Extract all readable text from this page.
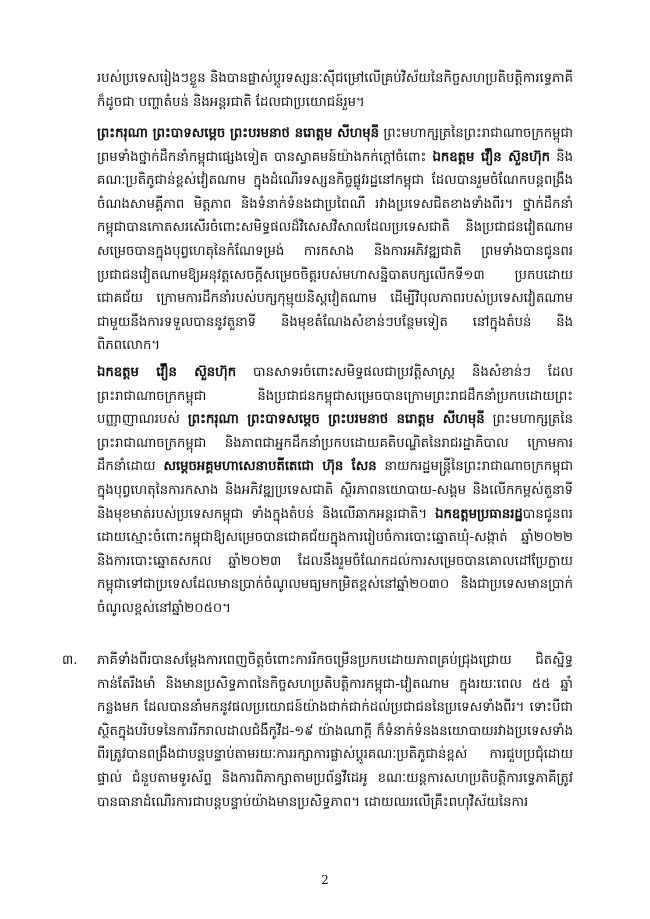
របស់ប្រទេសរៀងៗខ្លួន និងបានផ្លាស់ប្តូរទស្សនៈស៊ីជម្រៅលើគ្រប់វិស័យនៃកិច្ចសហប្រតិបត្តិការទ្វេភាគី ក៏ដូចជា បញ្ហាតំបន់ និងអន្តរជាតិ ដែលជាប្រយោជន៍រួម។
ព្រះករុណា ព្រះបាទសម្តេច ព្រះបរមនាថ នរោត្តម សីហមុនី ព្រះមហាក្សត្រនៃព្រះរាជាណាចក្រកម្ពុជា ព្រមទាំងថ្នាក់ដឹកនាំកម្ពុជាផ្សេងទៀត បានស្វាគមន៍យ៉ាងកក់ក្តៅចំពោះ ឯកឧត្តម វ៉ឿន ស៊ួនហ៊ុក និងគណៈប្រតិភូជាន់ខ្ពស់វៀតណាម ក្នុងដំណើរទស្សនកិច្ចផ្លូវរដ្ឋនៅកម្ពុជា ដែលបានរួមចំណែកបន្តពង្រឹងចំណងសាមគ្គីភាព មិត្តភាព និងទំនាក់ទំនងជាប្រពៃណី រវាងប្រទេសជិតខាងទាំងពីរ។ ថ្នាក់ដឹកនាំកម្ពុជាបានកោតសរសើរចំពោះសមិទ្ធផលដ៏វិសេសវិសាលដែលប្រទេសជាតិ និងប្រជាជនវៀតណាមសម្រេចបានក្នុងបុព្វហេតុនៃកំណែទម្រង់ ការកសាង និងការអភិវឌ្ឍជាតិ ព្រមទាំងបានជូនពរប្រជាជនវៀតណាមឱ្យអនុវត្តសេចក្តីសម្រេចចិត្តរបស់មហាសន្និបាតបក្សលើកទី១៣ ប្រកបដោយជោគជ័យ ក្រោមការដឹកនាំរបស់បក្សកុម្មុយនិស្តវៀតណាម ដើម្បីវិបុលភាពរបស់ប្រទេសវៀតណាម ជាមួយនឹងការទទួលបាននូវតួនាទី និងមុខតំណែងសំខាន់ៗបន្ថែមទៀត នៅក្នុងតំបន់ និងពិភពលោក។
ឯកឧត្តម វ៉ឿន ស៊ួនហ៊ុក បានសាទរចំពោះសមិទ្ធផលជាប្រវត្តិសាស្រ្ត និងសំខាន់ៗ ដែលព្រះរាជាណាចក្រកម្ពុជា និងប្រជាជនកម្ពុជាសម្រេចបានក្រោមព្រះរាជដឹកនាំប្រកបដោយព្រះបញ្ញាញាណរបស់ ព្រះករុណា ព្រះបាទសម្តេច ព្រះបរមនាថ នរោត្តម សីហមុនី ព្រះមហាក្សត្រនៃព្រះរាជាណាចក្រកម្ពុជា និងភាពជាអ្នកដឹកនាំប្រកបដោយគតិបណ្ឌិតនៃរាជរដ្ឋាភិបាល ក្រោមការដឹកនាំដោយ សម្តេចអគ្គមហាសេនាបតីតេជោ ហ៊ុន សែន នាយករដ្ឋមន្ត្រីនៃព្រះរាជាណាចក្រកម្ពុជា ក្នុងបុព្វហេតុនៃការកសាង និងអភិវឌ្ឍប្រទេសជាតិ ស្ថិរភាពនយោបាយ-សង្គម និងលើកកម្ពស់តួនាទី និងមុខមាត់របស់ប្រទេសកម្ពុជា ទាំងក្នុងតំបន់ និងលើឆាកអន្តរជាតិ។ ឯកឧត្តមប្រធានរដ្ឋបានជូនពរដោយស្មោះចំពោះកម្ពុជាឱ្យសម្រេចបានជោគជ័យក្នុងការរៀបចំការបោះឆ្នោតឃុំ-សង្កាត់ ឆ្នាំ២០២២ និងការបោះឆ្នោតសកល ឆ្នាំ២០២៣ ដែលនឹងរួមចំណែកដល់ការសម្រេចបានគោលដៅប្រែក្លាយកម្ពុជាទៅជាប្រទេសដែលមានប្រាក់ចំណូលមធ្យមកម្រិតខ្ពស់នៅឆ្នាំ២០៣០ និងជាប្រទេសមានប្រាក់ចំណូលខ្ពស់នៅឆ្នាំ២០៥០។
៣. ភាគីទាំងពីរបានសម្តែងការពេញចិត្តចំពោះការរីកចម្រើនប្រកបដោយភាពគ្រប់ជ្រុងជ្រោយ ជិតស្និទ្ធកាន់តែរឹងមាំ និងមានប្រសិទ្ធភាពនៃកិច្ចសហប្រតិបត្តិការកម្ពុជា-វៀតណាម ក្នុងរយៈពេល ៥៥ ឆ្នាំកន្លងមក ដែលបាននាំមកនូវផលប្រយោជន៍យ៉ាងជាក់ជាក់ដល់ប្រជាជននៃប្រទេសទាំងពីរ។ ទោះបីជាស្ថិតក្នុងបរិបទនៃការរីករាលដាលជំងឺកូវីដ-១៩ យ៉ាងណាក្តី ក៏ទំនាក់ទំនងនយោបាយរវាងប្រទេសទាំងពីរត្រូវបានពង្រឹងជាបន្តបន្ទាប់តាមរយៈការរក្សាការផ្លាស់ប្តូរគណៈប្រតិភូជាន់ខ្ពស់ ការជួបប្រជុំដោយផ្ទាល់ ជំនួបតាមទូរស័ព្ទ និងការពិភាក្សាតាមប្រព័ន្ធវីដេអូ ខណៈយន្តការសហប្រតិបត្តិការទ្វេភាគីត្រូវបានធានាដំណើរការជាបន្តបន្ទាប់យ៉ាងមានប្រសិទ្ធភាព។ ដោយឈរលើគ្រឹះពហុវិស័យនៃការ
2
